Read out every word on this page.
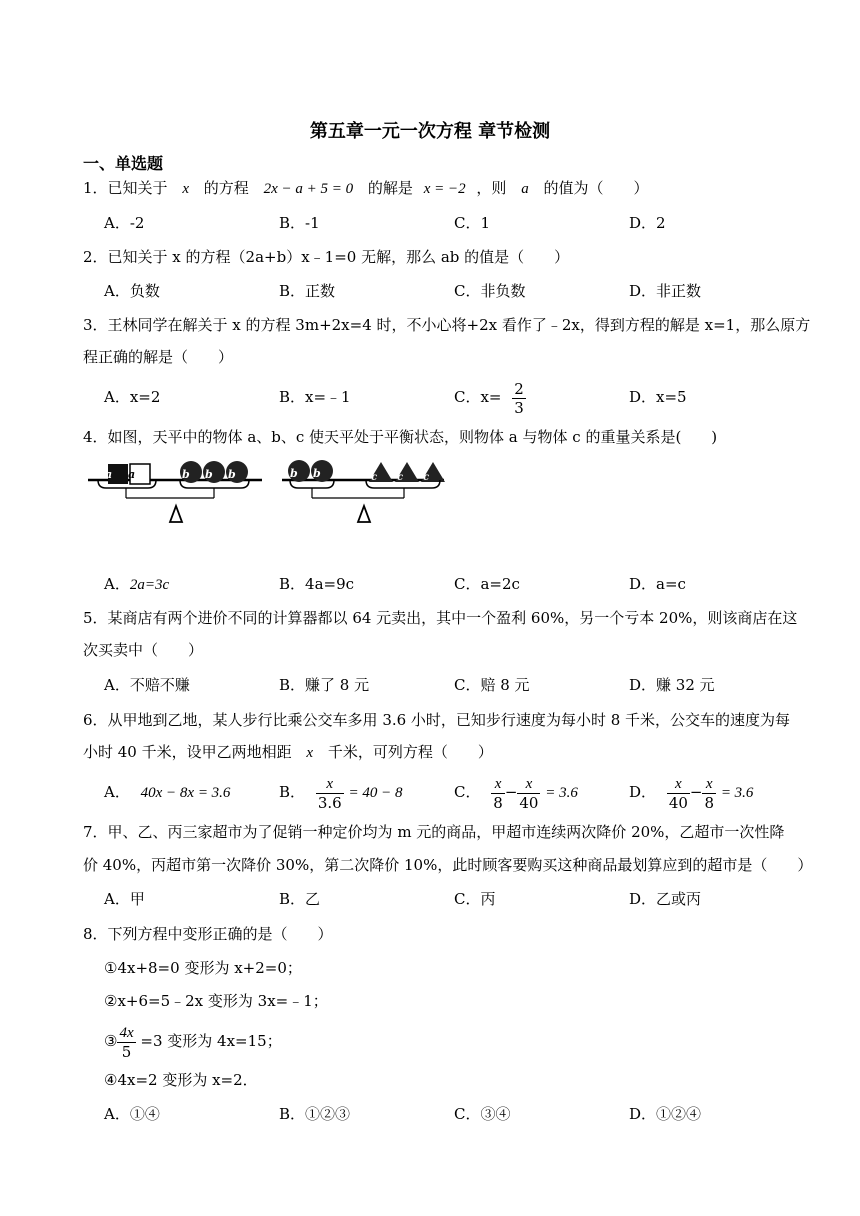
第五章一元一次方程 章节检测
一、单选题
1．已知关于 x 的方程 2x − a + 5 = 0 的解是 x = −2 ，则 a 的值为（　　）
A．-2	B．-1	C．1	D．2
2．已知关于 x 的方程（2a+b）x﹣1=0 无解，那么 ab 的值是（　　）
A．负数	B．正数	C．非负数	D．非正数
3．王林同学在解关于 x 的方程 3m+2x=4 时，不小心将+2x 看作了﹣2x，得到方程的解是 x=1，那么原方
程正确的解是（　　）
A．x=2	B．x=﹣1	C．$x= \frac{2}{3}$	D．x=5
4．如图，天平中的物体 a、b、c 使天平处于平衡状态，则物体 a 与物体 c 的重量关系是(　　)
a a	b b b	b b	c c c
A．2a=3c	B．4a=9c	C．a=2c	D．a=c
5．某商店有两个进价不同的计算器都以 64 元卖出，其中一个盈利 60%，另一个亏本 20%，则该商店在这
次买卖中（　　）
A．不赔不赚	B．赚了 8 元	C．赔 8 元	D．赚 32 元
6．从甲地到乙地，某人步行比乘公交车多用 3.6 小时，已知步行速度为每小时 8 千米，公交车的速度为每
小时 40 千米，设甲乙两地相距 x 千米，可列方程（　　）
A． 40x − 8x = 3.6	B． $\frac{x}{3.6} = 40 - 8$	C． $\frac{x}{8} - \frac{x}{40} = 3.6$	D． $\frac{x}{40} - \frac{x}{8} = 3.6$
7．甲、乙、丙三家超市为了促销一种定价均为 m 元的商品，甲超市连续两次降价 20%，乙超市一次性降
价 40%，丙超市第一次降价 30%，第二次降价 10%，此时顾客要购买这种商品最划算应到的超市是（　　）
A．甲	B．乙	C．丙	D．乙或丙
8．下列方程中变形正确的是（　　）
①4x+8=0 变形为 x+2=0；
②x+6=5﹣2x 变形为 3x=﹣1；
③ $\frac{4x}{5} =3$ 变形为 4x=15；
④4x=2 变形为 x=2．
A．①④	B．①②③	C．③④	D．①②④
